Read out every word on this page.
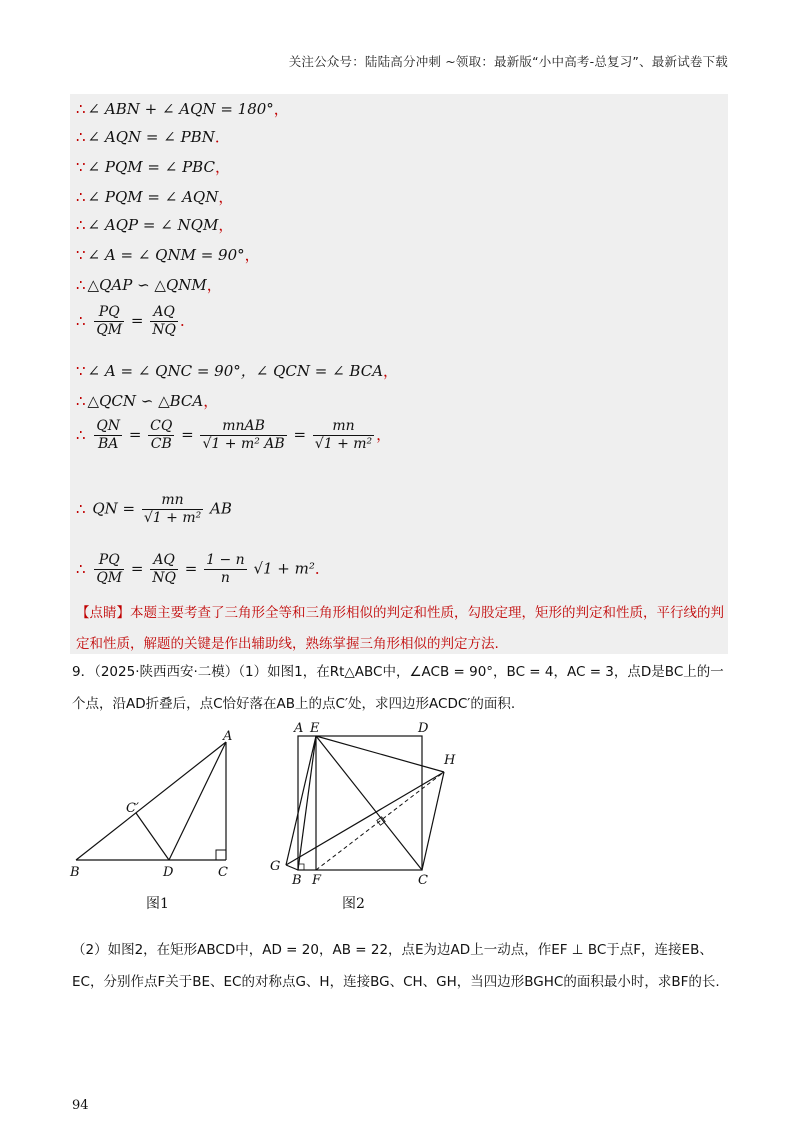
关注公众号：陆陆高分冲刺 ~领取：最新版“小中高考-总复习”、最新试卷下载
∴ ∠ ABN + ∠ AQN = 180°，
∴ ∠ AQN = ∠ PBN．
∵ ∠ PQM = ∠ PBC，
∴ ∠ PQM = ∠ AQN，
∴ ∠ AQP = ∠ NQM，
∵ ∠ A = ∠ QNM = 90°，
∴ △QAP ∽ △QNM，
∵ ∠ A = ∠ QNC = 90°，∠ QCN = ∠ BCA，
∴ △QCN ∽ △BCA，
∴ $\frac{PQ}{QM} = \frac{AQ}{NQ}$ ．
∴ $\frac{QN}{BA} = \frac{CQ}{CB} = \frac{\text{mnAB}}{\text{√1 + m² AB}} = \frac{mn}{\text{√1 + m²}}$ ，
∴ QN = $\frac{mn}{\text{√1 + m²}}$ AB
∴ $\frac{PQ}{QM} = \frac{AQ}{NQ} = \frac{1 - n}{n} √1 + m^2$．
【点睛】本题主要考查了三角形全等和三角形相似的判定和性质，勾股定理，矩形的判定和性质，平行线的判定和性质，解题的关键是作出辅助线，熟练掌握三角形相似的判定方法.
9．（2025·陕西西安·二模）（1）如图1，在Rt△ABC中，∠ACB = 90°，BC = 4，AC = 3，点D是BC上的一个点，沿AD折叠后，点C恰好落在AB上的点C′处，求四边形ACDC′的面积.
A
B	C
D
C′
图1
A E	D
H
G
B F	C
图2
（2）如图2，在矩形ABCD中，AD = 20，AB = 22，点E为边AD上一动点，作EF ⊥ BC于点F，连接EB、EC，分别作点F关于BE、EC的对称点G、H，连接BG、CH、GH，当四边形BGHC的面积最小时，求BF的长.
94
